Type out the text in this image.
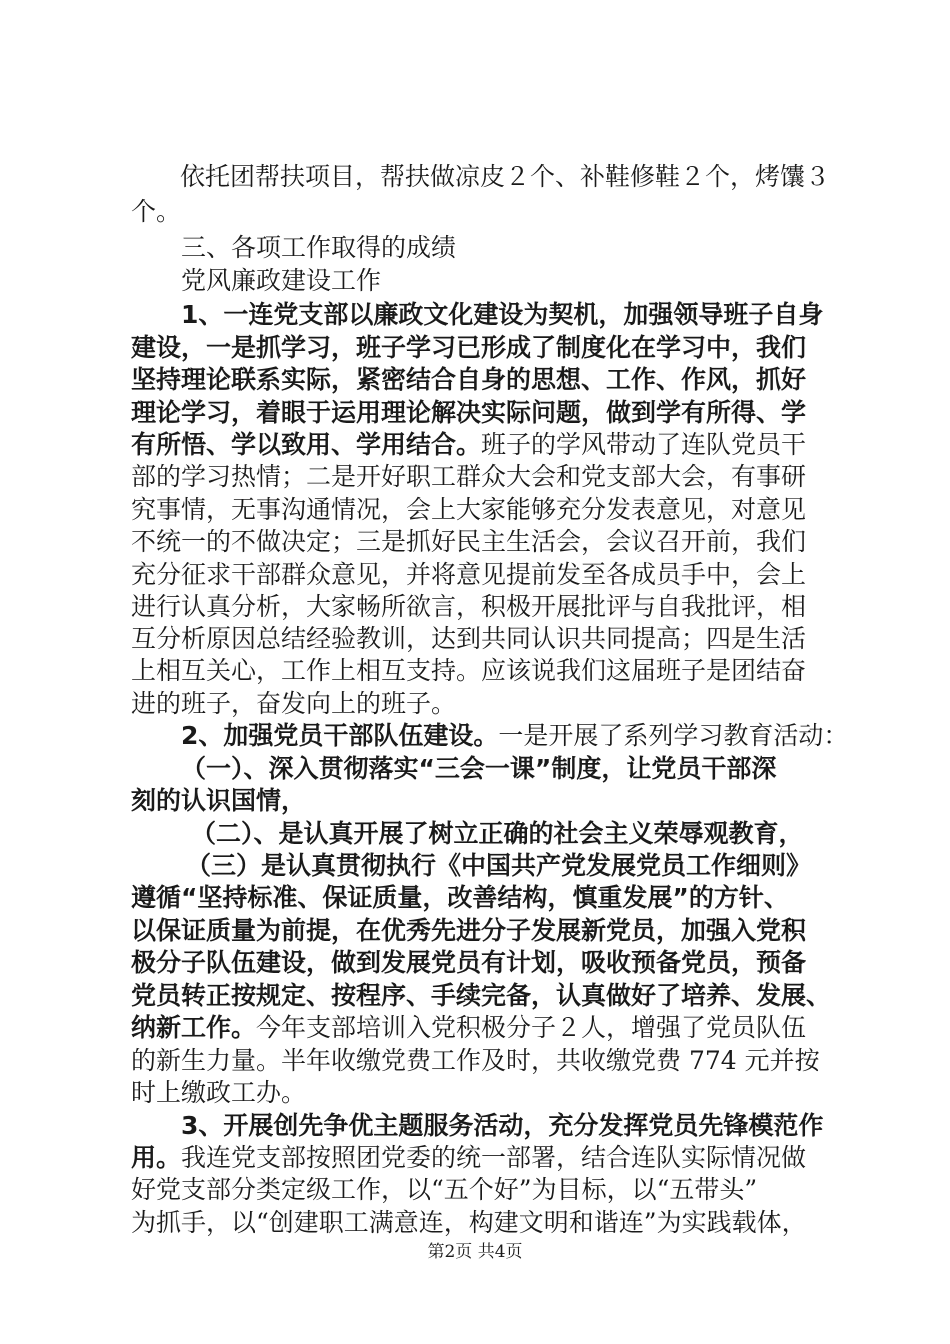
依托团帮扶项目，帮扶做凉皮２个、补鞋修鞋２个，烤馕３
个。
三、各项工作取得的成绩
党风廉政建设工作
1、一连党支部以廉政文化建设为契机，加强领导班子自身
建设，一是抓学习，班子学习已形成了制度化在学习中，我们
坚持理论联系实际，紧密结合自身的思想、工作、作风，抓好
理论学习，着眼于运用理论解决实际问题，做到学有所得、学
有所悟、学以致用、学用结合。班子的学风带动了连队党员干
部的学习热情；二是开好职工群众大会和党支部大会，有事研
究事情，无事沟通情况，会上大家能够充分发表意见，对意见
不统一的不做决定；三是抓好民主生活会，会议召开前，我们
充分征求干部群众意见，并将意见提前发至各成员手中，会上
进行认真分析，大家畅所欲言，积极开展批评与自我批评，相
互分析原因总结经验教训，达到共同认识共同提高；四是生活
上相互关心，工作上相互支持。应该说我们这届班子是团结奋
进的班子，奋发向上的班子。
2、加强党员干部队伍建设。一是开展了系列学习教育活动：
（一）、深入贯彻落实“三会一课”制度，让党员干部深
刻的认识国情，
（二）、是认真开展了树立正确的社会主义荣辱观教育，
（三）是认真贯彻执行《中国共产党发展党员工作细则》
遵循“坚持标准、保证质量，改善结构，慎重发展”的方针、
以保证质量为前提，在优秀先进分子发展新党员，加强入党积
极分子队伍建设，做到发展党员有计划，吸收预备党员，预备
党员转正按规定、按程序、手续完备，认真做好了培养、发展、
纳新工作。今年支部培训入党积极分子２人，增强了党员队伍
的新生力量。半年收缴党费工作及时，共收缴党费 774 元并按
时上缴政工办。
3、开展创先争优主题服务活动，充分发挥党员先锋模范作
用。我连党支部按照团党委的统一部署，结合连队实际情况做
好党支部分类定级工作，以“五个好”为目标，以“五带头”
为抓手，以“创建职工满意连，构建文明和谐连”为实践载体，
第2页 共4页
